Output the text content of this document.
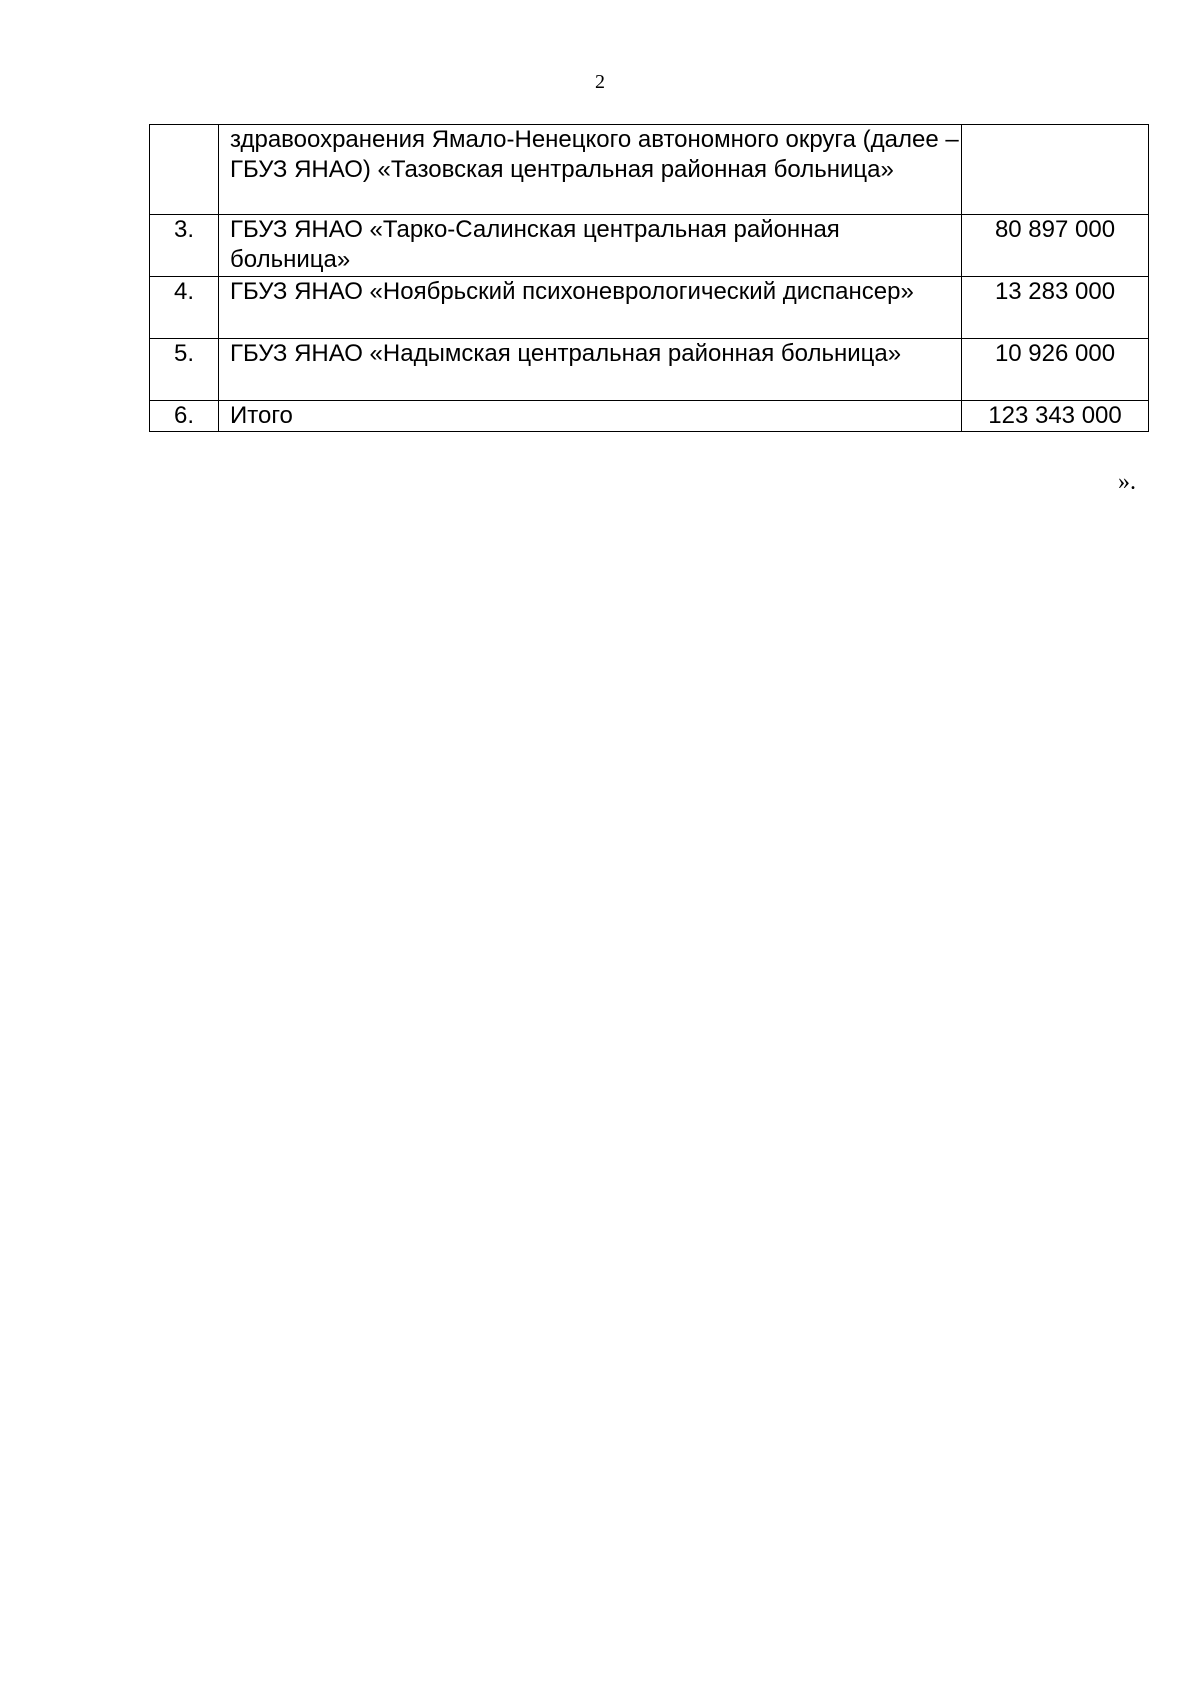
2
	здравоохранения Ямало-Ненецкого автономного округа (далее – ГБУЗ ЯНАО) «Тазовская центральная районная больница»	
3.	ГБУЗ ЯНАО «Тарко-Салинская центральная районная больница»	80 897 000
4.	ГБУЗ ЯНАО «Ноябрьский психоневрологический диспансер»	13 283 000
5.	ГБУЗ ЯНАО «Надымская центральная районная больница»	10 926 000
6.	Итого	123 343 000
».
